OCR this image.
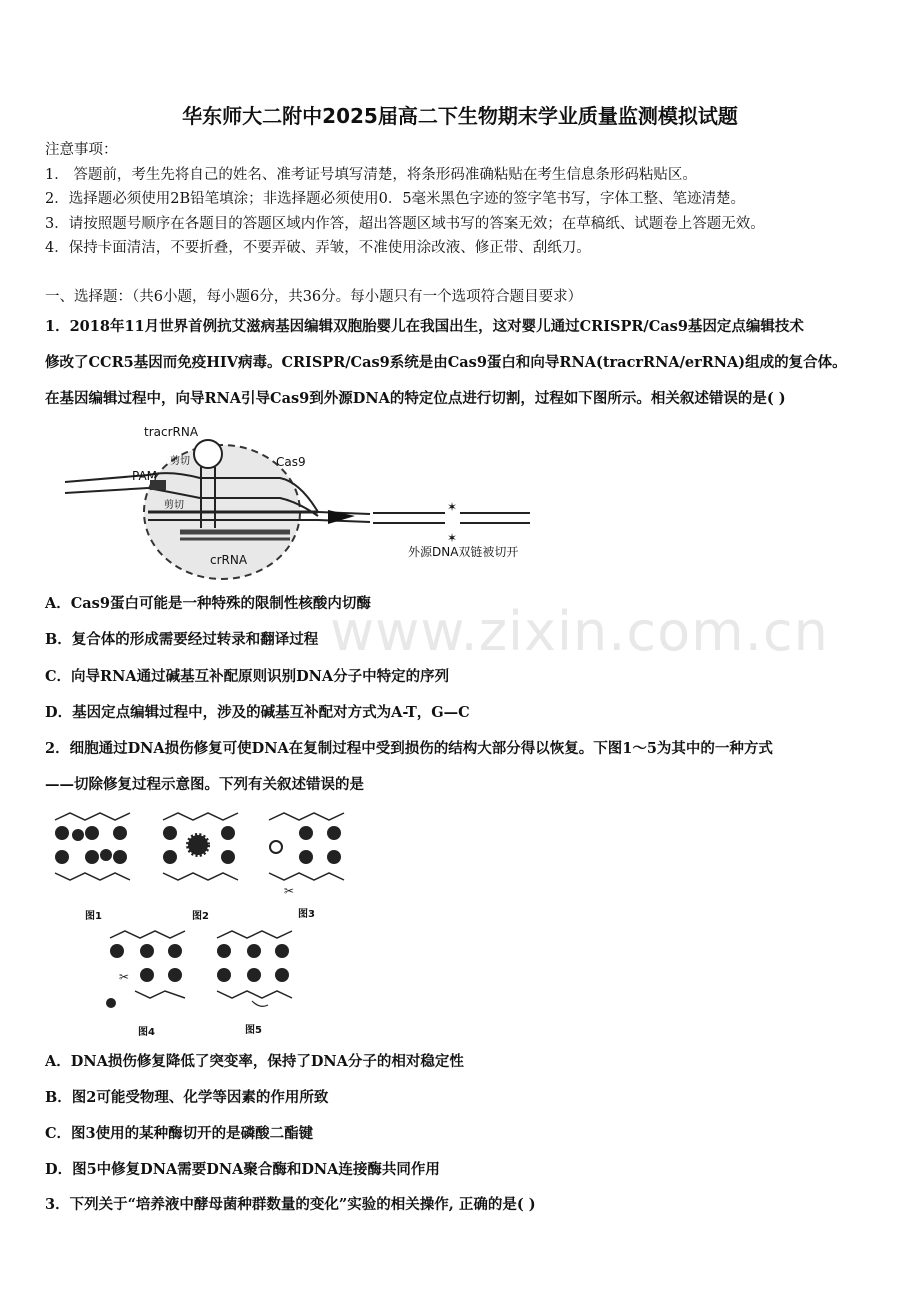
华东师大二附中2025届高二下生物期末学业质量监测模拟试题
注意事项：
1． 答题前，考生先将自己的姓名、准考证号填写清楚，将条形码准确粘贴在考生信息条形码粘贴区。
2．选择题必须使用2B铅笔填涂；非选择题必须使用0．5毫米黑色字迹的签字笔书写，字体工整、笔迹清楚。
3．请按照题号顺序在各题目的答题区域内作答，超出答题区域书写的答案无效；在草稿纸、试题卷上答题无效。
4．保持卡面清洁，不要折叠，不要弄破、弄皱，不准使用涂改液、修正带、刮纸刀。
一、选择题：（共6小题，每小题6分，共36分。每小题只有一个选项符合题目要求）
1．2018年11月世界首例抗艾滋病基因编辑双胞胎婴儿在我国出生，这对婴儿通过CRISPR/Cas9基因定点编辑技术
修改了CCR5基因而免疫HIV病毒。CRISPR/Cas9系统是由Cas9蛋白和向导RNA(tracrRNA/erRNA)组成的复合体。
在基因编辑过程中，向导RNA引导Cas9到外源DNA的特定位点进行切割，过程如下图所示。相关叙述错误的是( )
✶
✶
tracrRNA
Cas9
PAM
剪切
剪切
crRNA
外源DNA双链被切开
A．Cas9蛋白可能是一种特殊的限制性核酸内切酶
B．复合体的形成需要经过转录和翻译过程
C．向导RNA通过碱基互补配原则识别DNA分子中特定的序列
D．基因定点编辑过程中，涉及的碱基互补配对方式为A-T，G—C
www.zixin.com.cn
2．细胞通过DNA损伤修复可使DNA在复制过程中受到损伤的结构大部分得以恢复。下图1～5为其中的一种方式
——切除修复过程示意图。下列有关叙述错误的是
✂
✂
图1	图2	图3
图4	图5
A．DNA损伤修复降低了突变率，保持了DNA分子的相对稳定性
B．图2可能受物理、化学等因素的作用所致
C．图3使用的某种酶切开的是磷酸二酯键
D．图5中修复DNA需要DNA聚合酶和DNA连接酶共同作用
3．下列关于“培养液中酵母菌种群数量的变化”实验的相关操作, 正确的是( )
